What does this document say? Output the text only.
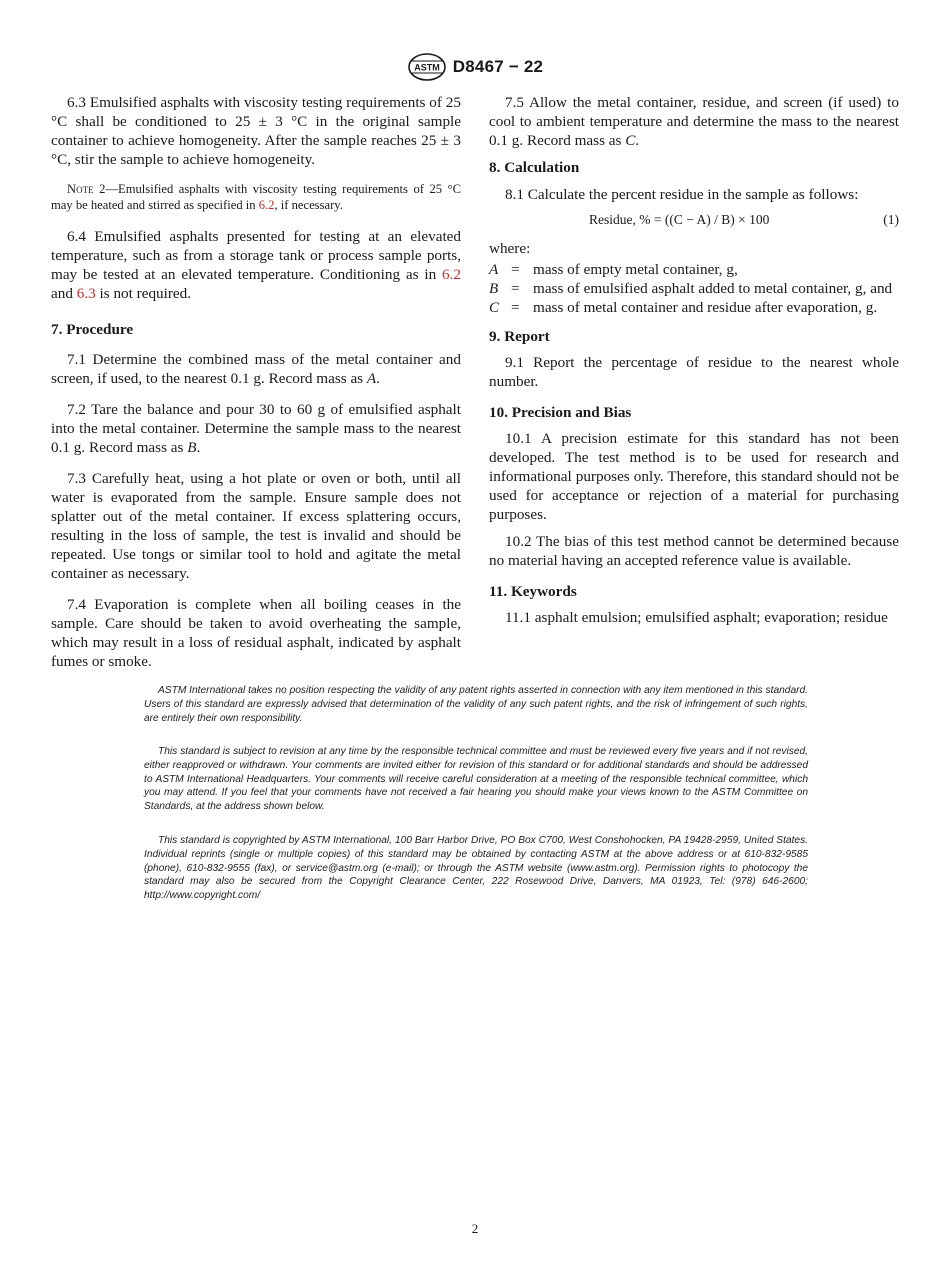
ASTM D8467 − 22

6.3 Emulsified asphalts with viscosity testing requirements of 25 °C shall be conditioned to 25 ± 3 °C in the original sample container to achieve homogeneity. After the sample reaches 25 ± 3 °C, stir the sample to achieve homogeneity.

Note 2—Emulsified asphalts with viscosity testing requirements of 25 °C may be heated and stirred as specified in 6.2, if necessary.

6.4 Emulsified asphalts presented for testing at an elevated temperature, such as from a storage tank or process sample ports, may be tested at an elevated temperature. Conditioning as in 6.2 and 6.3 is not required.

7. Procedure

7.1 Determine the combined mass of the metal container and screen, if used, to the nearest 0.1 g. Record mass as A.

7.2 Tare the balance and pour 30 to 60 g of emulsified asphalt into the metal container. Determine the sample mass to the nearest 0.1 g. Record mass as B.

7.3 Carefully heat, using a hot plate or oven or both, until all water is evaporated from the sample. Ensure sample does not splatter out of the metal container. If excess splattering occurs, resulting in the loss of sample, the test is invalid and should be repeated. Use tongs or similar tool to hold and agitate the metal container as necessary.

7.4 Evaporation is complete when all boiling ceases in the sample. Care should be taken to avoid overheating the sample, which may result in a loss of residual asphalt, indicated by asphalt fumes or smoke.

7.5 Allow the metal container, residue, and screen (if used) to cool to ambient temperature and determine the mass to the nearest 0.1 g. Record mass as C.

8. Calculation

8.1 Calculate the percent residue in the sample as follows:

Residue, % = ((C − A) / B) × 100	(1)

where:

A = mass of empty metal container, g,
B = mass of emulsified asphalt added to metal container, g, and
C = mass of metal container and residue after evaporation, g.
9. Report

9.1 Report the percentage of residue to the nearest whole number.

10. Precision and Bias

10.1 A precision estimate for this standard has not been developed. The test method is to be used for research and informational purposes only. Therefore, this standard should not be used for acceptance or rejection of a material for purchasing purposes.

10.2 The bias of this test method cannot be determined because no material having an accepted reference value is available.

11. Keywords

11.1 asphalt emulsion; emulsified asphalt; evaporation; residue

ASTM International takes no position respecting the validity of any patent rights asserted in connection with any item mentioned in this standard. Users of this standard are expressly advised that determination of the validity of any such patent rights, and the risk of infringement of such rights, are entirely their own responsibility.

This standard is subject to revision at any time by the responsible technical committee and must be reviewed every five years and if not revised, either reapproved or withdrawn. Your comments are invited either for revision of this standard or for additional standards and should be addressed to ASTM International Headquarters. Your comments will receive careful consideration at a meeting of the responsible technical committee, which you may attend. If you feel that your comments have not received a fair hearing you should make your views known to the ASTM Committee on Standards, at the address shown below.

This standard is copyrighted by ASTM International, 100 Barr Harbor Drive, PO Box C700, West Conshohocken, PA 19428-2959, United States. Individual reprints (single or multiple copies) of this standard may be obtained by contacting ASTM at the above address or at 610-832-9585 (phone), 610-832-9555 (fax), or service@astm.org (e-mail); or through the ASTM website (www.astm.org). Permission rights to photocopy the standard may also be secured from the Copyright Clearance Center, 222 Rosewood Drive, Danvers, MA 01923, Tel: (978) 646-2600; http://www.copyright.com/

2
